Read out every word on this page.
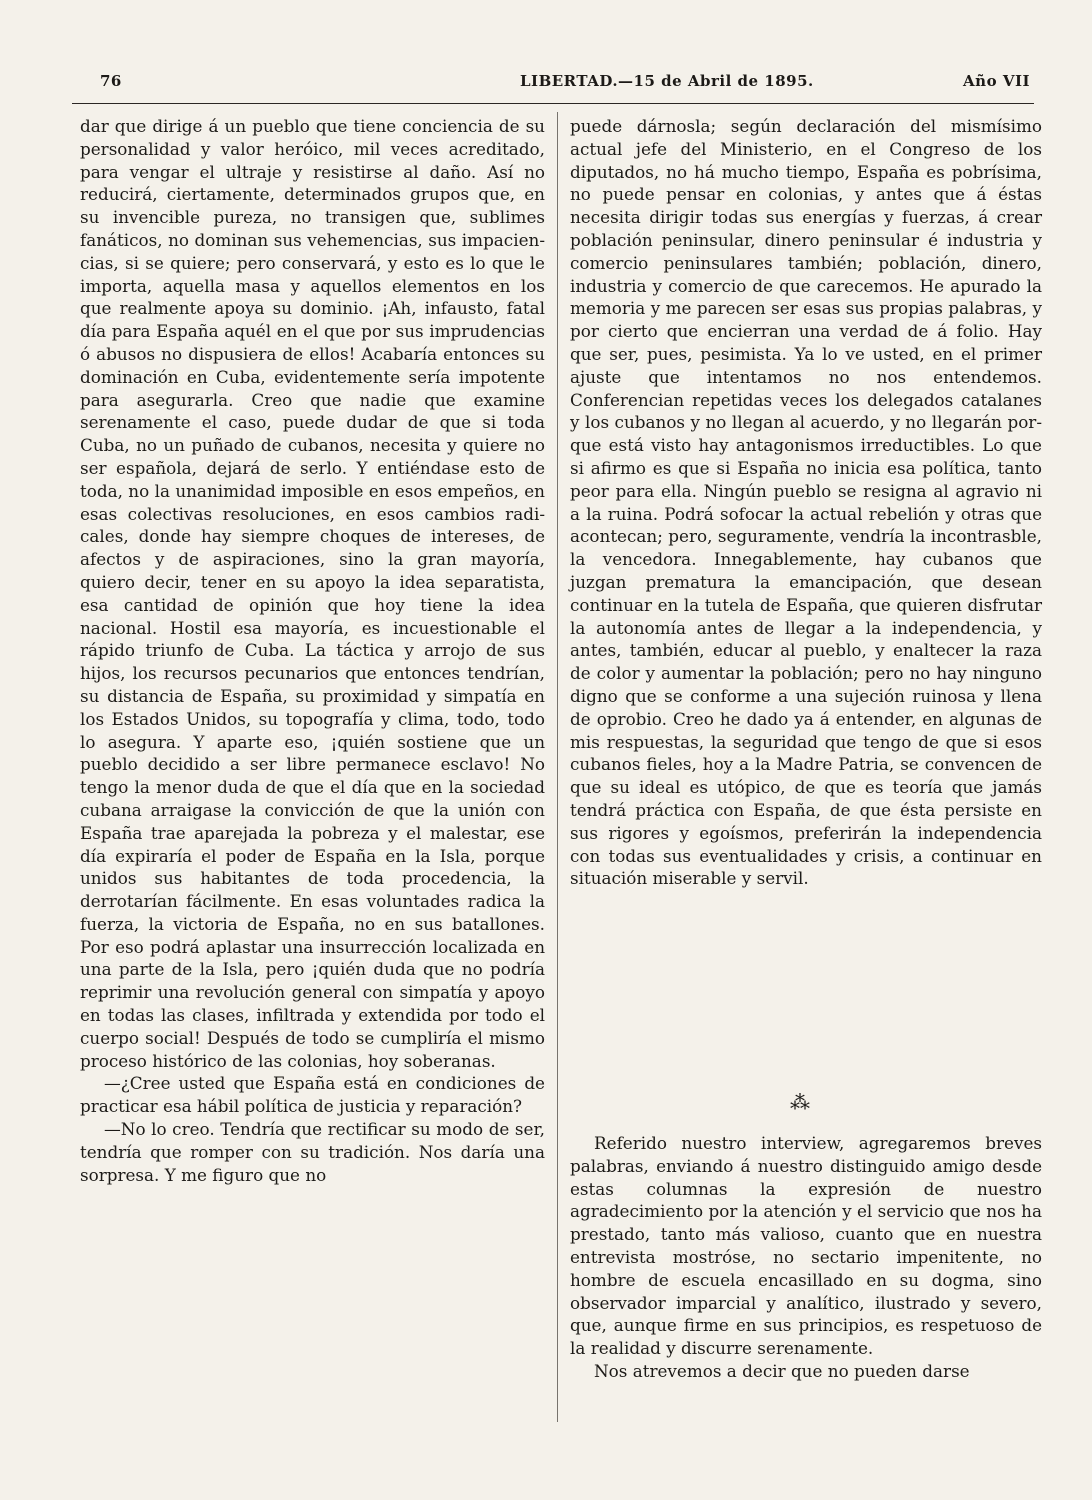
76	LIBERTAD.—15 de Abril de 1895.	Año VII

dar que dirige á un pueblo que tiene conciencia de su personalidad y valor heróico, mil veces acreditado, para vengar el ultraje y resistirse al daño. Así no reducirá, ciertamente, determinados grupos que, en su invencible pureza, no transigen que, sublimes fanáticos, no dominan sus vehemencias, sus impaciencias, si se quiere; pero conservará, y esto es lo que le importa, aquella masa y aquellos elementos en los que realmente apoya su dominio. ¡Ah, infausto, fatal día para España aquél en el que por sus imprudencias ó abusos no dispusiera de ellos! Acabaría entonces su dominación en Cuba, evidentemente sería impotente para asegurarla. Creo que nadie que examine serenamente el caso, puede dudar de que si toda Cuba, no un puñado de cubanos, necesita y quiere no ser española, dejará de serlo. Y entiéndase esto de toda, no la unanimidad imposible en esos empeños, en esas colectivas resoluciones, en esos cambios radicales, donde hay siempre choques de intereses, de afectos y de aspiraciones, sino la gran mayoría, quiero decir, tener en su apoyo la idea separatista, esa cantidad de opinión que hoy tiene la idea nacional. Hostil esa mayoría, es incuestionable el rápido triunfo de Cuba. La táctica y arrojo de sus hijos, los recursos pecunarios que entonces tendrían, su distancia de España, su proximidad y simpatía en los Estados Unidos, su topografía y clima, todo, todo lo asegura. Y aparte eso, ¡quién sostiene que un pueblo decidido a ser libre permanece esclavo! No tengo la menor duda de que el día que en la sociedad cubana arraigase la convicción de que la unión con España trae aparejada la pobreza y el malestar, ese día expiraría el poder de España en la Isla, porque unidos sus habitantes de toda procedencia, la derrotarían fácilmente. En esas voluntades radica la fuerza, la victoria de España, no en sus batallones. Por eso podrá aplastar una insurrección localizada en una parte de la Isla, pero ¡quién duda que no podría reprimir una revolución general con simpatía y apoyo en todas las clases, infiltrada y extendida por todo el cuerpo social! Después de todo se cumpliría el mismo proceso histórico de las colonias, hoy soberanas.

—¿Cree usted que España está en condiciones de practicar esa hábil política de justicia y reparación?

—No lo creo. Tendría que rectificar su modo de ser, tendría que romper con su tradición. Nos daría una sorpresa. Y me figuro que no

puede dárnosla; según declaración del mismísimo actual jefe del Ministerio, en el Congreso de los diputados, no há mucho tiempo, España es pobrísima, no puede pensar en colonias, y antes que á éstas necesita dirigir todas sus energías y fuerzas, á crear población peninsular, dinero peninsular é industria y comercio peninsulares también; población, dinero, industria y comercio de que carecemos. He apurado la memoria y me parecen ser esas sus propias palabras, y por cierto que encierran una verdad de á folio. Hay que ser, pues, pesimista. Ya lo ve usted, en el primer ajuste que intentamos no nos entendemos. Conferencian repetidas veces los delegados catalanes y los cubanos y no llegan al acuerdo, y no llegarán porque está visto hay antagonismos irreductibles. Lo que si afirmo es que si España no inicia esa política, tanto peor para ella. Ningún pueblo se resigna al agravio ni a la ruina. Podrá sofocar la actual rebelión y otras que acontecan; pero, seguramente, vendría la incontrasble, la vencedora. Innegablemente, hay cubanos que juzgan prematura la emancipación, que desean continuar en la tutela de España, que quieren disfrutar la autonomía antes de llegar a la independencia, y antes, también, educar al pueblo, y enaltecer la raza de color y aumentar la población; pero no hay ninguno digno que se conforme a una sujeción ruinosa y llena de oprobio. Creo he dado ya á entender, en algunas de mis respuestas, la seguridad que tengo de que si esos cubanos fieles, hoy a la Madre Patria, se convencen de que su ideal es utópico, de que es teoría que jamás tendrá práctica con España, de que ésta persiste en sus rigores y egoísmos, preferirán la independencia con todas sus eventualidades y crisis, a continuar en situación miserable y servil.

⁂

Referido nuestro interview, agregaremos breves palabras, enviando á nuestro distinguido amigo desde estas columnas la expresión de nuestro agradecimiento por la atención y el servicio que nos ha prestado, tanto más valioso, cuanto que en nuestra entrevista mostróse, no sectario impenitente, no hombre de escuela encasillado en su dogma, sino observador imparcial y analítico, ilustrado y severo, que, aunque firme en sus principios, es respetuoso de la realidad y discurre serenamente.

Nos atrevemos a decir que no pueden darse
